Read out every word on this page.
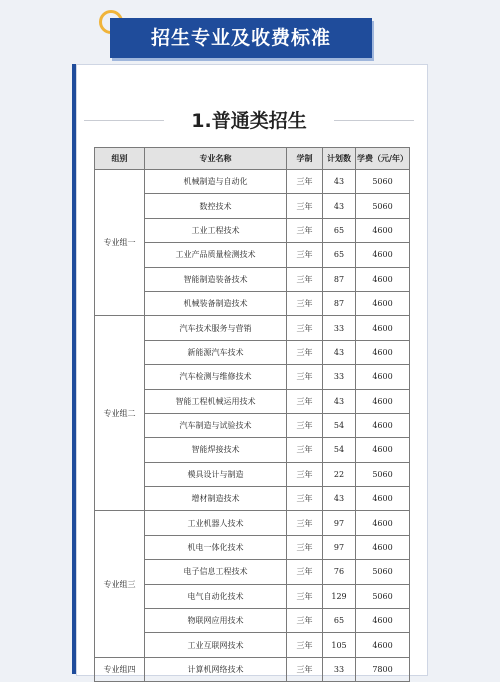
招生专业及收费标准
1.普通类招生
组别	专业名称	学制	计划数	学费（元/年）
专业组一	机械制造与自动化	三年	43	5060
	数控技术	三年	43	5060
	工业工程技术	三年	65	4600
	工业产品质量检测技术	三年	65	4600
	智能制造装备技术	三年	87	4600
	机械装备制造技术	三年	87	4600
专业组二	汽车技术服务与营销	三年	33	4600
	新能源汽车技术	三年	43	4600
	汽车检测与维修技术	三年	33	4600
	智能工程机械运用技术	三年	43	4600
	汽车制造与试验技术	三年	54	4600
	智能焊接技术	三年	54	4600
	模具设计与制造	三年	22	5060
	增材制造技术	三年	43	4600
专业组三	工业机器人技术	三年	97	4600
	机电一体化技术	三年	97	4600
	电子信息工程技术	三年	76	5060
	电气自动化技术	三年	129	5060
	物联网应用技术	三年	65	4600
	工业互联网技术	三年	105	4600
专业组四	计算机网络技术	三年	33	7800
